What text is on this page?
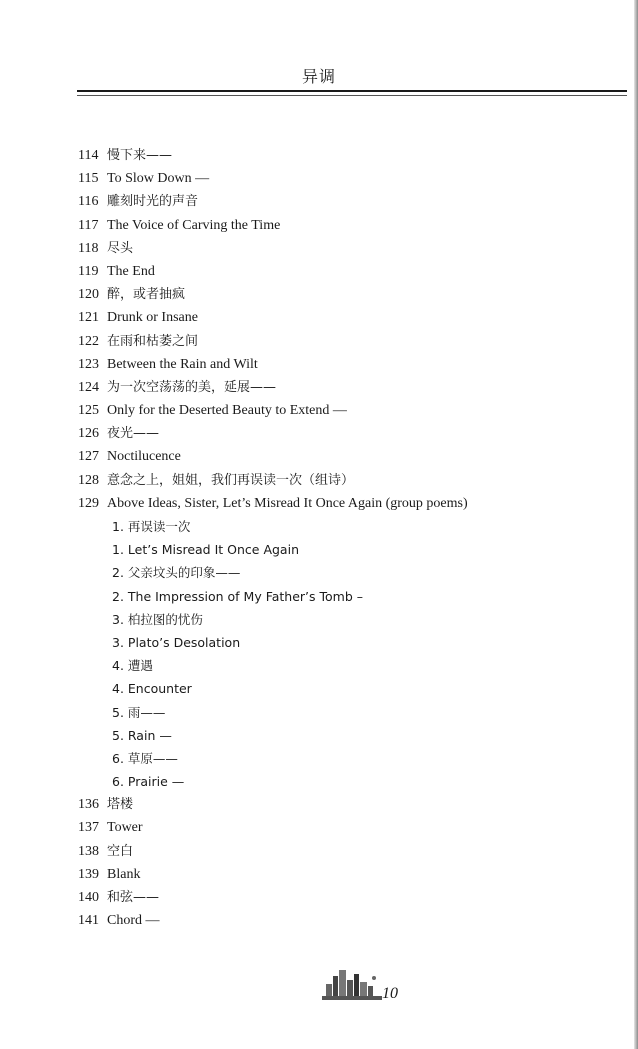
异调
114 慢下来——
115 To Slow Down —
116 雕刻时光的声音
117 The Voice of Carving the Time
118 尽头
119 The End
120 醉，或者抽疯
121 Drunk or Insane
122 在雨和枯萎之间
123 Between the Rain and Wilt
124 为一次空荡荡的美，延展——
125 Only for the Deserted Beauty to Extend —
126 夜光——
127 Noctilucence
128 意念之上，姐姐，我们再误读一次（组诗）
129 Above Ideas, Sister, Let’s Misread It Once Again (group poems)
1. 再误读一次
1. Let’s Misread It Once Again
2. 父亲坟头的印象——
2. The Impression of My Father’s Tomb –
3. 柏拉图的忧伤
3. Plato’s Desolation
4. 遭遇
4. Encounter
5. 雨——
5. Rain —
6. 草原——
6. Prairie —
136 塔楼
137 Tower
138 空白
139 Blank
140 和弦——
141 Chord —
10
